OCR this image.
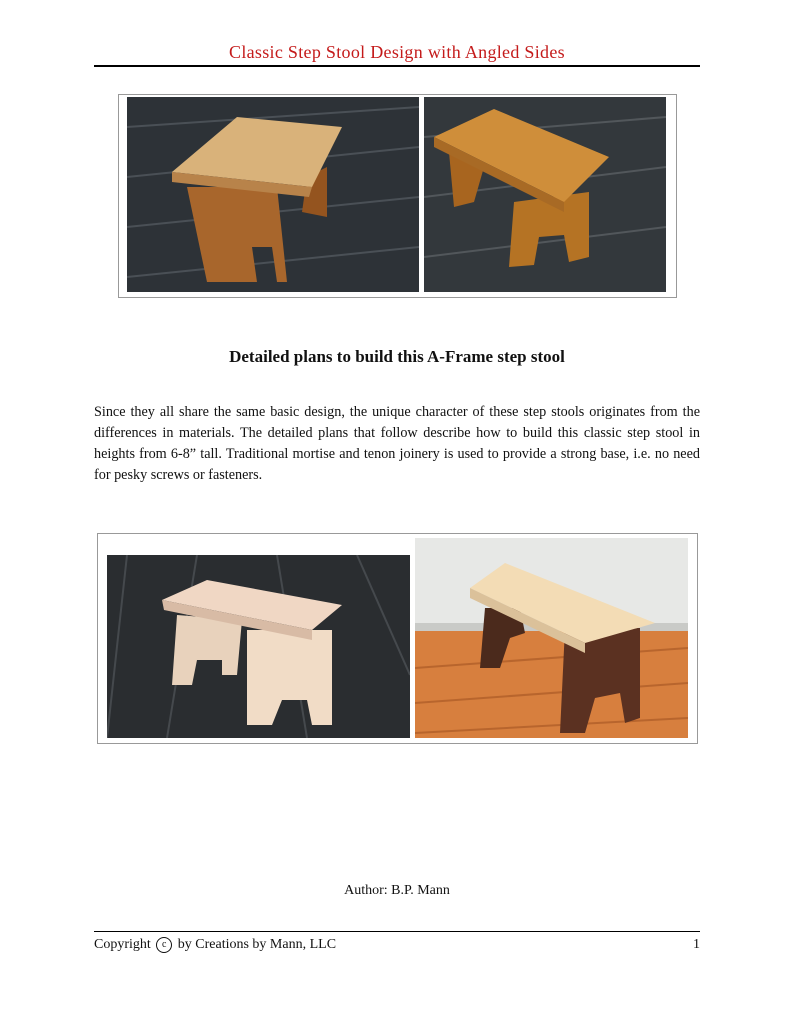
Classic Step Stool Design with Angled Sides
Detailed plans to build this A-Frame step stool
Since they all share the same basic design, the unique character of these step stools originates from the differences in materials. The detailed plans that follow describe how to build this classic step stool in heights from 6-8” tall. Traditional mortise and tenon joinery is used to provide a strong base, i.e. no need for pesky screws or fasteners.
Author: B.P. Mann
Copyright c by Creations by Mann, LLC	1
